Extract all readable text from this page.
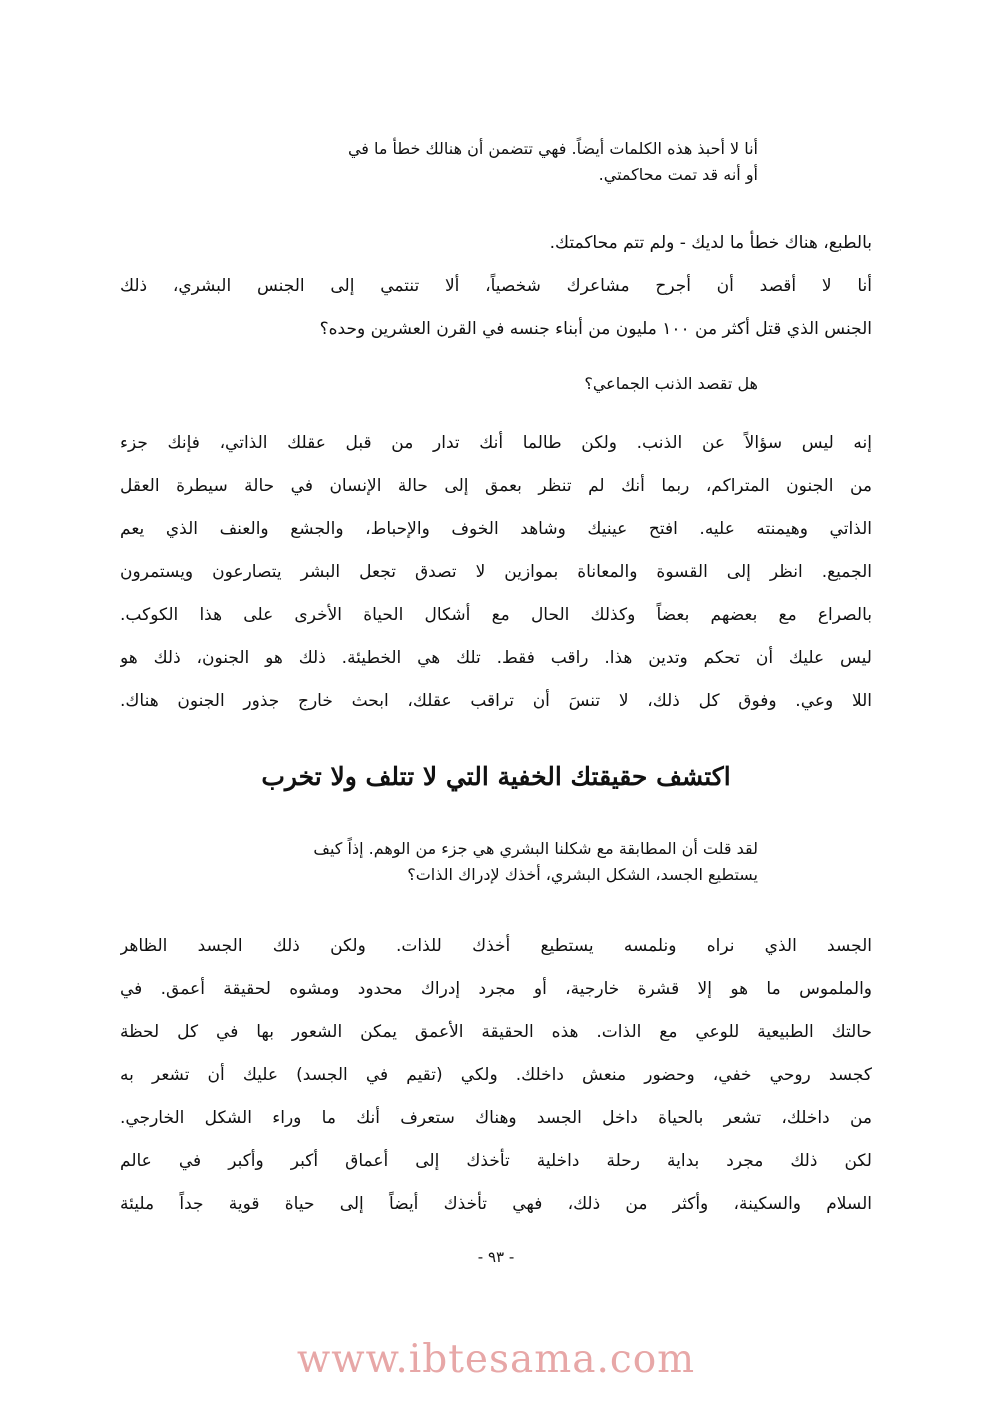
أنا لا أحبذ هذه الكلمات أيضاً. فهي تتضمن أن هنالك خطأ ما في
أو أنه قد تمت محاكمتي.
بالطبع، هناك خطأ ما لديك - ولم تتم محاكمتك.
أنا لا أقصد أن أجرح مشاعرك شخصياً، ألا تنتمي إلى الجنس البشري، ذلك
الجنس الذي قتل أكثر من ١٠٠ مليون من أبناء جنسه في القرن العشرين وحده؟
هل تقصد الذنب الجماعي؟
إنه ليس سؤالاً عن الذنب. ولكن طالما أنك تدار من قبل عقلك الذاتي، فإنك جزء
من الجنون المتراكم، ربما أنك لم تنظر بعمق إلى حالة الإنسان في حالة سيطرة العقل
الذاتي وهيمنته عليه. افتح عينيك وشاهد الخوف والإحباط، والجشع والعنف الذي يعم
الجميع. انظر إلى القسوة والمعاناة بموازين لا تصدق تجعل البشر يتصارعون ويستمرون
بالصراع مع بعضهم بعضاً وكذلك الحال مع أشكال الحياة الأخرى على هذا الكوكب.
ليس عليك أن تحكم وتدين هذا. راقب فقط. تلك هي الخطيئة. ذلك هو الجنون، ذلك هو
اللا وعي. وفوق كل ذلك، لا تنسَ أن تراقب عقلك، ابحث خارج جذور الجنون هناك.
اكتشف حقيقتك الخفية التي لا تتلف ولا تخرب
لقد قلت أن المطابقة مع شكلنا البشري هي جزء من الوهم. إذاً كيف
يستطيع الجسد، الشكل البشري، أخذك لإدراك الذات؟
الجسد الذي نراه ونلمسه يستطيع أخذك للذات. ولكن ذلك الجسد الظاهر
والملموس ما هو إلا قشرة خارجية، أو مجرد إدراك محدود ومشوه لحقيقة أعمق. في
حالتك الطبيعية للوعي مع الذات. هذه الحقيقة الأعمق يمكن الشعور بها في كل لحظة
كجسد روحي خفي، وحضور منعش داخلك. ولكي (تقيم في الجسد) عليك أن تشعر به
من داخلك، تشعر بالحياة داخل الجسد وهناك ستعرف أنك ما وراء الشكل الخارجي.
لكن ذلك مجرد بداية رحلة داخلية تأخذك إلى أعماق أكبر وأكبر في عالم
السلام والسكينة، وأكثر من ذلك، فهي تأخذك أيضاً إلى حياة قوية جداً مليئة
- ٩٣ -
www.ibtesama.com
